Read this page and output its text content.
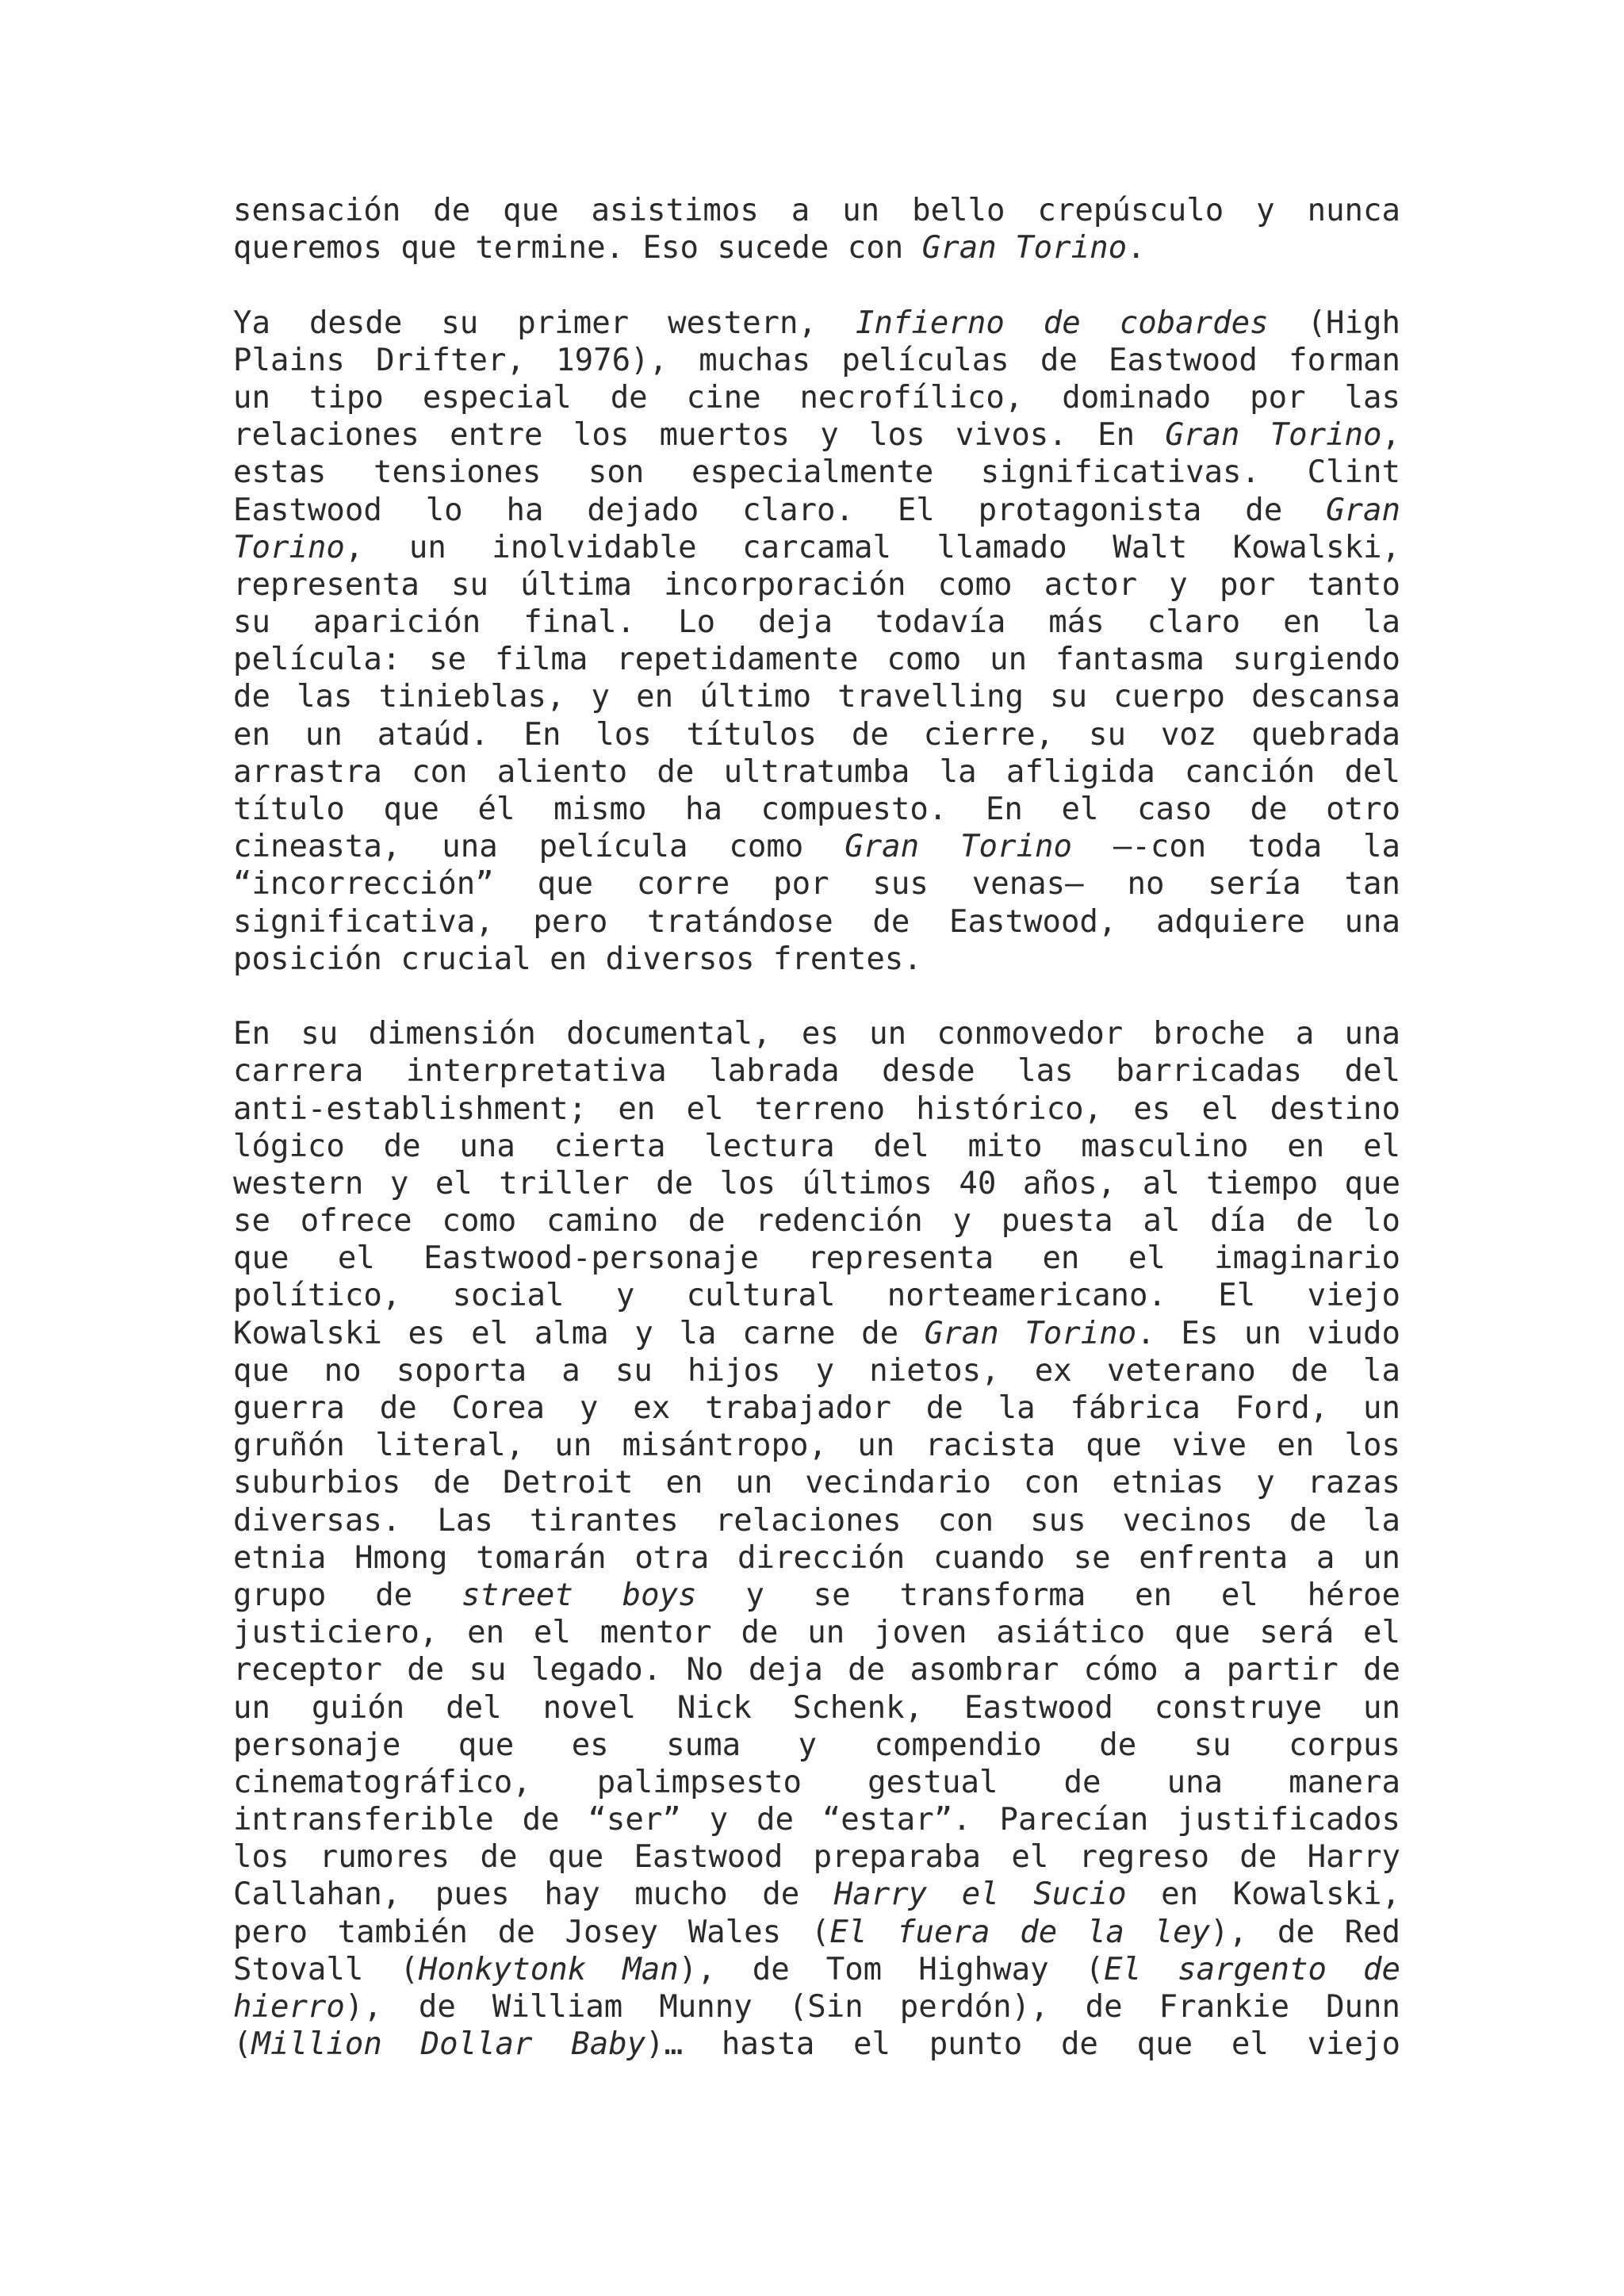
sensación de que asistimos a un bello crepúsculo y nunca
queremos que termine. Eso sucede con Gran Torino.
Ya desde su primer western, Infierno de cobardes (High
Plains Drifter, 1976), muchas películas de Eastwood forman
un tipo especial de cine necrofílico, dominado por las
relaciones entre los muertos y los vivos. En Gran Torino,
estas tensiones son especialmente significativas. Clint
Eastwood lo ha dejado claro. El protagonista de Gran
Torino, un inolvidable carcamal llamado Walt Kowalski,
representa su última incorporación como actor y por tanto
su aparición final. Lo deja todavía más claro en la
película: se filma repetidamente como un fantasma surgiendo
de las tinieblas, y en último travelling su cuerpo descansa
en un ataúd. En los títulos de cierre, su voz quebrada
arrastra con aliento de ultratumba la afligida canción del
título que él mismo ha compuesto. En el caso de otro
cineasta, una película como Gran Torino —-con toda la
“incorrección” que corre por sus venas— no sería tan
significativa, pero tratándose de Eastwood, adquiere una
posición crucial en diversos frentes.
En su dimensión documental, es un conmovedor broche a una
carrera interpretativa labrada desde las barricadas del
anti-establishment; en el terreno histórico, es el destino
lógico de una cierta lectura del mito masculino en el
western y el triller de los últimos 40 años, al tiempo que
se ofrece como camino de redención y puesta al día de lo
que el Eastwood-personaje representa en el imaginario
político, social y cultural norteamericano. El viejo
Kowalski es el alma y la carne de Gran Torino. Es un viudo
que no soporta a su hijos y nietos, ex veterano de la
guerra de Corea y ex trabajador de la fábrica Ford, un
gruñón literal, un misántropo, un racista que vive en los
suburbios de Detroit en un vecindario con etnias y razas
diversas. Las tirantes relaciones con sus vecinos de la
etnia Hmong tomarán otra dirección cuando se enfrenta a un
grupo de street boys y se transforma en el héroe
justiciero, en el mentor de un joven asiático que será el
receptor de su legado. No deja de asombrar cómo a partir de
un guión del novel Nick Schenk, Eastwood construye un
personaje que es suma y compendio de su corpus
cinematográfico, palimpsesto gestual de una manera
intransferible de “ser” y de “estar”. Parecían justificados
los rumores de que Eastwood preparaba el regreso de Harry
Callahan, pues hay mucho de Harry el Sucio en Kowalski,
pero también de Josey Wales (El fuera de la ley), de Red
Stovall (Honkytonk Man), de Tom Highway (El sargento de
hierro), de William Munny (Sin perdón), de Frankie Dunn
(Million Dollar Baby)… hasta el punto de que el viejo
